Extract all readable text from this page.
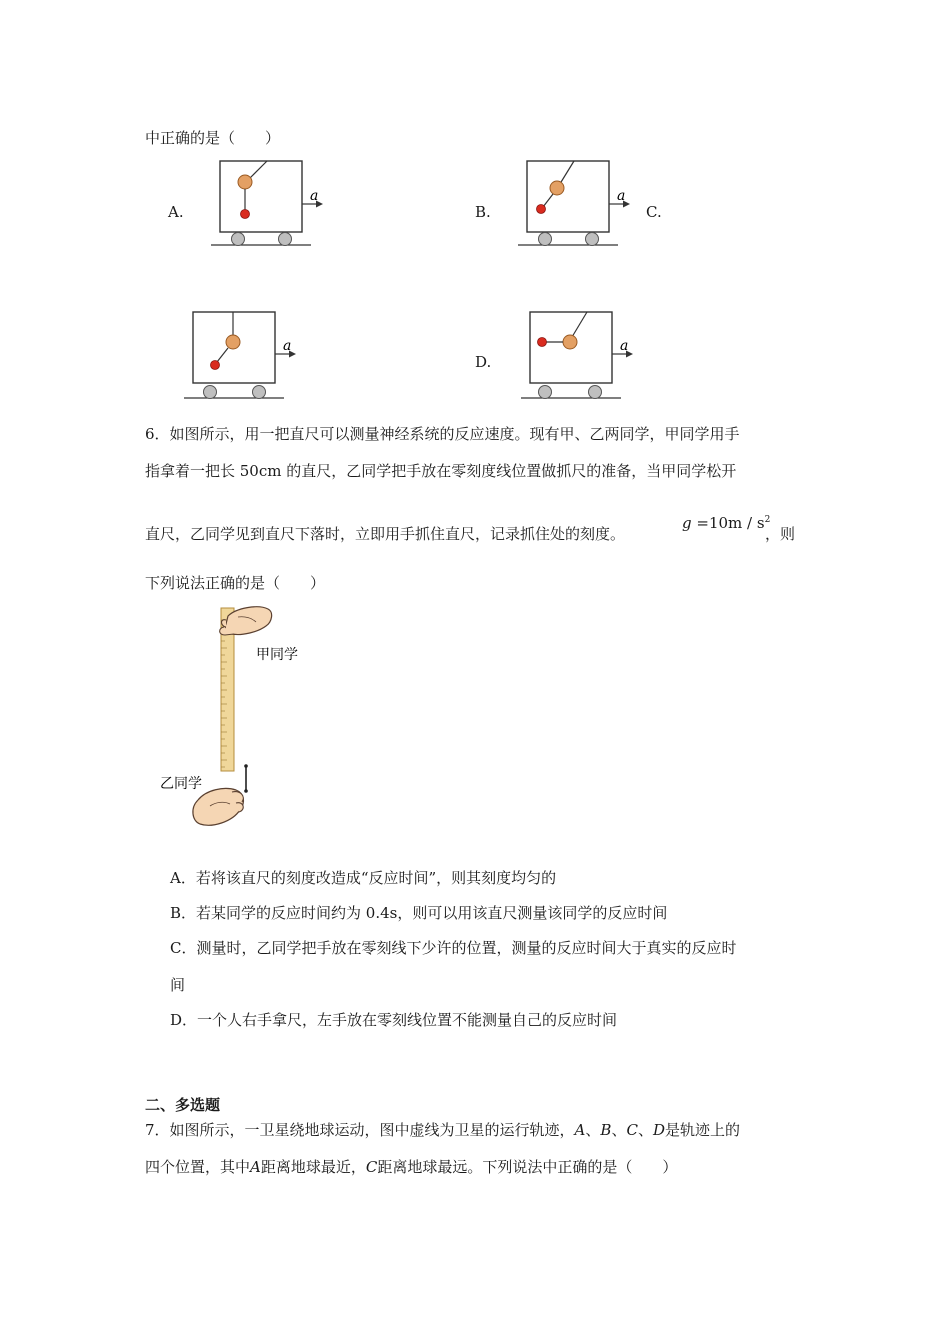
中正确的是（　　）
A.
a
B.
a
C.
a
D.
a
6．如图所示，用一把直尺可以测量神经系统的反应速度。现有甲、乙两同学，甲同学用手
指拿着一把长 50cm 的直尺，乙同学把手放在零刻度线位置做抓尺的准备，当甲同学松开
直尺，乙同学见到直尺下落时，立即用手抓住直尺，记录抓住处的刻度。
$g =10m / s^2$
，则
下列说法正确的是（　　）
甲同学
乙同学
A．若将该直尺的刻度改造成“反应时间”，则其刻度均匀的
B．若某同学的反应时间约为 0.4s，则可以用该直尺测量该同学的反应时间
C．测量时，乙同学把手放在零刻线下少许的位置，测量的反应时间大于真实的反应时
间
D．一个人右手拿尺，左手放在零刻线位置不能测量自己的反应时间
二、多选题
7．如图所示，一卫星绕地球运动，图中虚线为卫星的运行轨迹，A、B、C、D是轨迹上的
四个位置，其中A距离地球最近，C距离地球最远。下列说法中正确的是（　　）
